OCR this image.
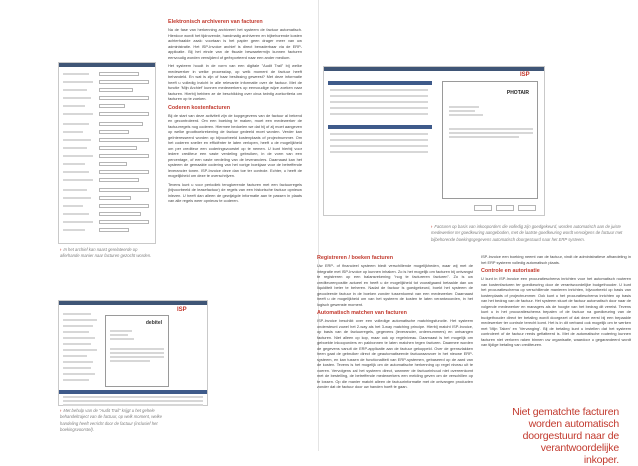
› In het archief kan naast gerelateerde op allerhande manier naar facturen gezocht worden.
ISP
debitel
› Met behulp van de "Audit Trail" krijgt u het gehele behandeltraject van de factuur, op welk moment, welke handeling heeft verricht door de factuur (inclusief het boekingsvoorstel).
Elektronisch archiveren van facturen

Na de fase van herkenning archiveert het systeem de factuur automatisch. Hierdoor wordt het tijdrovende, handmatig archiveren en bijbehorende kosten achterhaalde zaak: voortaan is het papier geen drager meer van uw administratie. Het ISP-Invoice archief is direct benaderbaar via de ERP-applicatie. Bij het einde van de fiscale bewaartermijn kunnen facturen eenvoudig worden verwijderd of geëxporteerd naar een ander medium.

Het systeem houdt in de vorm van een digitale "Audit Trail" bij welke medewerker in welke processtap, op welk moment de factuur heeft behandeld. En wat is zijn of haar beslissing geweest? Met deze informatie heeft u volledig inzicht in alle relevante informatie over de factuur. Met de functie 'Mijn Archief' kunnen medewerkers op eenvoudige wijze zoeken naar facturen. Hierbij hebben ze de beschikking over circa twintig zoekcriteria om facturen op te zoeken.

Coderen kostenfacturen

Bij de start van deze activiteit zijn de kopgegevens van de factuur al bekend en gecontroleerd. Om een boeking te maken, moet een medewerker de factuurregels nog coderen. Hiermee bedoelen we dat hij of zij moet aangeven op welke grootboekrekening de factuur gedeeld moet worden. Verder kan geïnteresseerd worden op bijvoorbeeld kostenplaats of projectnummer. Om het coderen sneller en efficiënter te laten verlopen, heeft u de mogelijkheid om per crediteur een coderingsvoorstel op te nemen. U kunt hierbij voor iedere crediteur een vaste verdeling gebruiken, in de vorm van een percentage, of een vaste verdeling van de leveranciers. Daarnaast kan het systeem de gemaakte codering van het vorige boekjaar voor de betreffende leverancier tonen. ISP-Invoice deze dan toe ter controle. Echter, u heeft de mogelijkheid om deze te overschrijven.

Tevens kunt u voor periodiek terugkerende facturen met een factuurregels (bijvoorbeeld de leasefactuur) de regels van een historische factuur opnieuw inlezen. U heeft dan alleen de gewijzigde informatie aan te passen in plaats van alle regels weer opnieuw te coderen.

ISP
PHOTAIR
› Facturen op basis van inkooporders die volledig zijn goedgekeurd, worden automatisch aan de juiste medewerker ter goedkeuring aangeboden, met de laatste goedkeuring wordt vervolgens de factuur met bijbehorende boekingsgegevens automatisch doorgestuurd naar het ERP systeem.
Registreren / boeken facturen

Uw ERP- of financieel systeem biedt verschillende mogelijkheden, waar wij met de integratie met ISP-Invoice op kunnen inhaken. Zo is het mogelijk om facturen bij ontvangst te registreren op een balansrekening "nog te factureren facturen". Zo is uw crediteurenpositie actueel en heeft u de mogelijkheid tot voorafgaand betaalde dan uw liquiditeit beter te beheren. Nadat de factuur is goedgekeurd, boekt het systeem de gecodeerde factuur in de boeken zonder tussenkomst van een medewerker. Daarnaast heeft u de mogelijkheid om van het systeem de kosten te laten verantwoorden, in het logisch gewenste moment.

Automatisch matchen van facturen

ISP-Invoice beschikt over een volledige automatische matchingsfunctie. Het systeem ondersteunt zowel het 2-way als het 3-way matching principe. Hierbij matcht ISP-Invoice, op basis van de factuurregels, gegevens (leverancier, ordernummers) en ontvangen facturen. Niet alleen op kop, maar ook op regelniveau. Daarnaast is het mogelijk om geboekte inkooporders en pakbonnen te laten matchen tegen facturen. Daarmee worden de gegevens vanuit de ERP-applicatie aan de factuur gekoppeld. Over de grensvlakken heen gaat de gebruiker direct de geautomatiseerde factuuraanvoer in het nieuwe ERP-systeem, en kan tussen de functionaliteit van ERP-systemen, gebaseerd op de aard van de kosten. Tevens is het mogelijk om de automatische herkenning op regel niveau uit te voeren. Vervolgens zal het systeem direct, wanneer de factuurinhoud niet overeenkomt met de bestelling, de betreffende medewerkers een melding geven om de verschillen op te lossen. Op die manier matcht alleen de factuurinformatie met de ontvangen producten zonder dat de factuur door uw handen hoeft te gaan.

ISP-Invoice een boeking neemt van de factuur, vindt de administratieve afhandeling in het ERP systeem volledig automatisch plaats.

Controle en autorisatie

U kunt in ISP-Invoice een procuratieschema inrichten voor het automatisch routeren van kostenfacturen ter goedkeuring door de verantwoordelijke budgethouder. U kunt het procuratieschema op verschillende manieren inrichten, bijvoorbeeld op basis van kostenplaats of projectnummer. Ook kunt u het procuratieschema inrichten op basis van het bedrag van de factuur. Het systeem stuurt de factuur automatisch door naar de volgende medewerker en managers als de hoogte van het bedrag dit vereist. Tevens kunt u in het procuratieschema bepalen of de factuur na goedkeuring van de budgethouder direct ter betaling wordt doorgezet of dat deze eerst bij een bepaalde medewerker ter controle terecht komt. Het is in dit verband ook mogelijk om te werken met 'Mijn Taken' en 'Vervanging'. Bij de betaling kunt u instellen dat het systeem controleert of de factuur reeds gefiatteerd is. Met de automatische routering kunnen facturen niet verloren raken binnen uw organisatie, waardoor u gegarandeerd wordt van tijdige betaling van crediteuren.

Niet gematchte facturen worden automatisch doorgestuurd naar de verantwoordelijke inkoper.
